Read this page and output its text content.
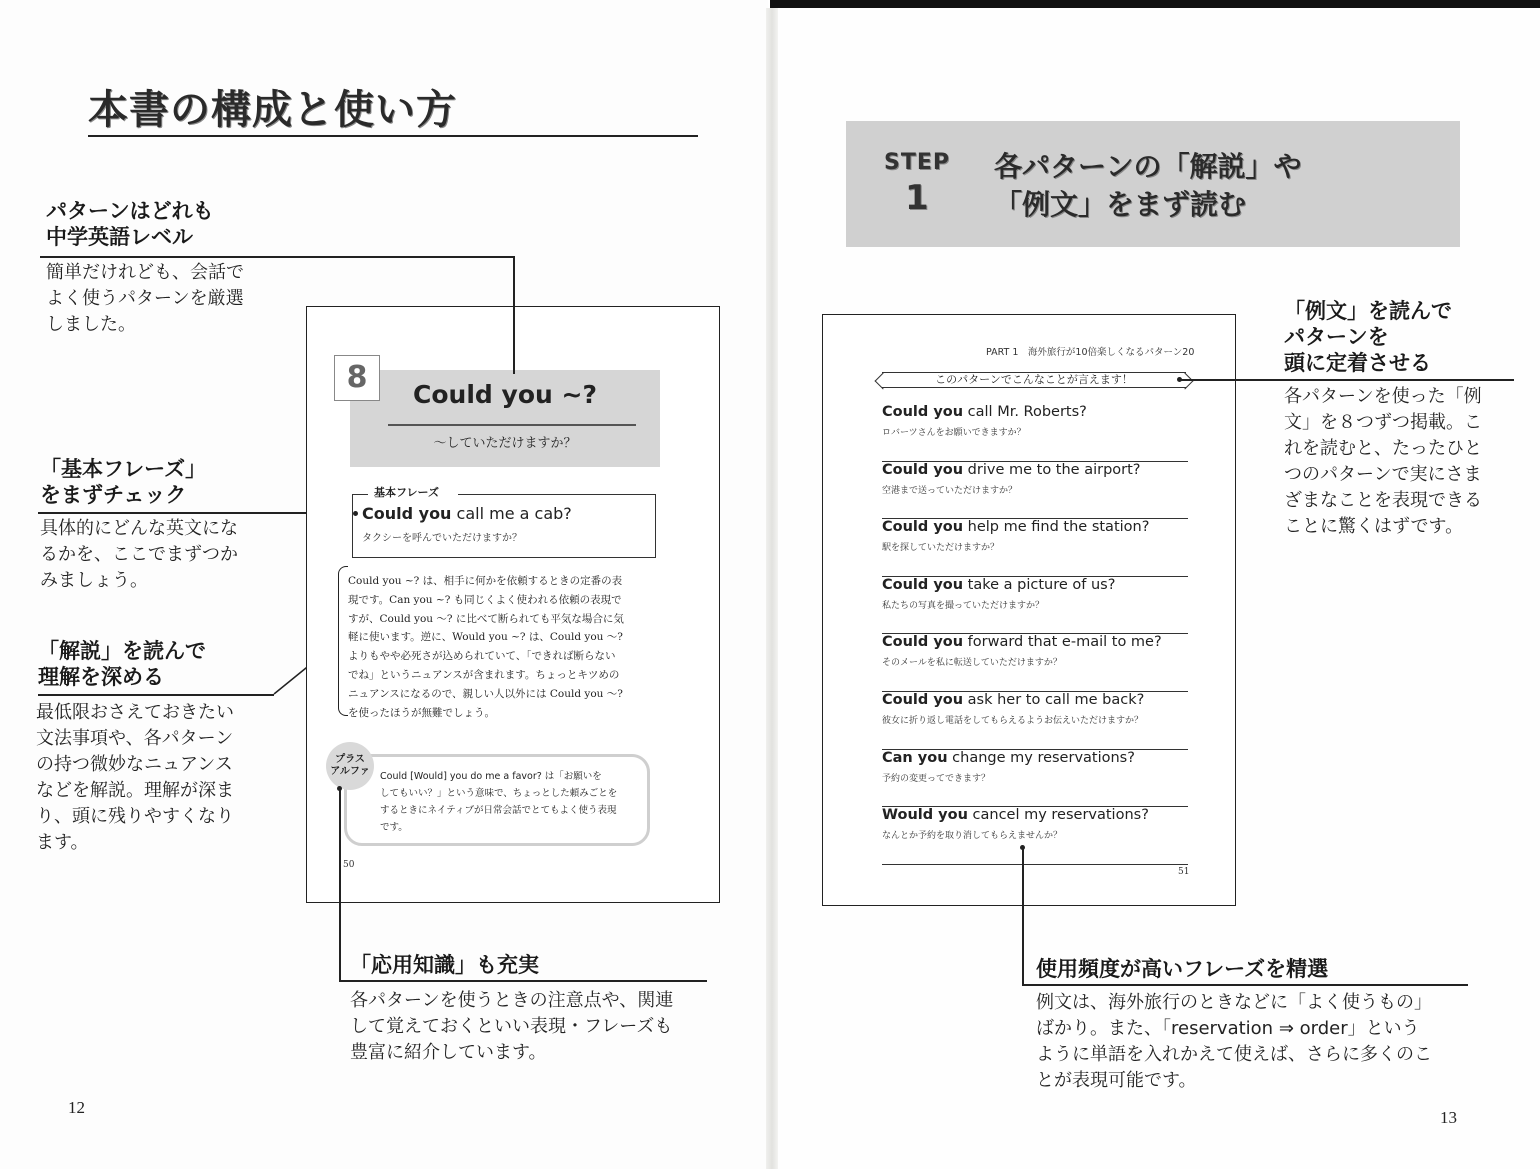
本書の構成と使い方
パターンはどれも
中学英語レベル
簡単だけれども、会話で
よく使うパターンを厳選
しました。
「基本フレーズ」
をまずチェック
具体的にどんな英文にな
るかを、ここでまずつか
みましょう。
「解説」を読んで
理解を深める
最低限おさえておきたい
文法事項や、各パターン
の持つ微妙なニュアンス
などを解説。理解が深ま
り、頭に残りやすくなり
ます。
8	Could you ~?
～していただけますか？
基本フレーズ
Could you call me a cab?
タクシーを呼んでいただけますか？
Could you ~? は、相手に何かを依頼するときの定番の表
現です。Can you ~? も同じくよく使われる依頼の表現で
すが、Could you ～? に比べて断られても平気な場合に気
軽に使います。逆に、Would you ~? は、Could you ～?
よりもやや必死さが込められていて、「できれば断らない
でね」というニュアンスが含まれます。ちょっとキツめの
ニュアンスになるので、親しい人以外には Could you ～?
を使ったほうが無難でしょう。
プラス
アルファ	Could [Would] you do me a favor? は「お願いを
してもいい？」という意味で、ちょっとした頼みごとを
するときにネイティブが日常会話でとてもよく使う表現
です。
50
「応用知識」も充実
各パターンを使うときの注意点や、関連
して覚えておくといい表現・フレーズも
豊富に紹介しています。
12
STEP
1
各パターンの「解説」や
「例文」をまず読む
PART 1　海外旅行が10倍楽しくなるパターン20
このパターンでこんなことが言えます！
Could you call Mr. Roberts?
ロバーツさんをお願いできますか？
Could you drive me to the airport?
空港まで送っていただけますか？
Could you help me find the station?
駅を探していただけますか？
Could you take a picture of us?
私たちの写真を撮っていただけますか？
Could you forward that e-mail to me?
そのメールを私に転送していただけますか？
Could you ask her to call me back?
彼女に折り返し電話をしてもらえるようお伝えいただけますか？
Can you change my reservations?
予約の変更ってできます？
Would you cancel my reservations?
なんとか予約を取り消してもらえませんか？
51
「例文」を読んで
パターンを
頭に定着させる
各パターンを使った「例
文」を８つずつ掲載。こ
れを読むと、たったひと
つのパターンで実にさま
ざまなことを表現できる
ことに驚くはずです。
使用頻度が高いフレーズを精選
例文は、海外旅行のときなどに「よく使うもの」
ばかり。また、「reservation ⇒ order」という
ように単語を入れかえて使えば、さらに多くのこ
とが表現可能です。
13
